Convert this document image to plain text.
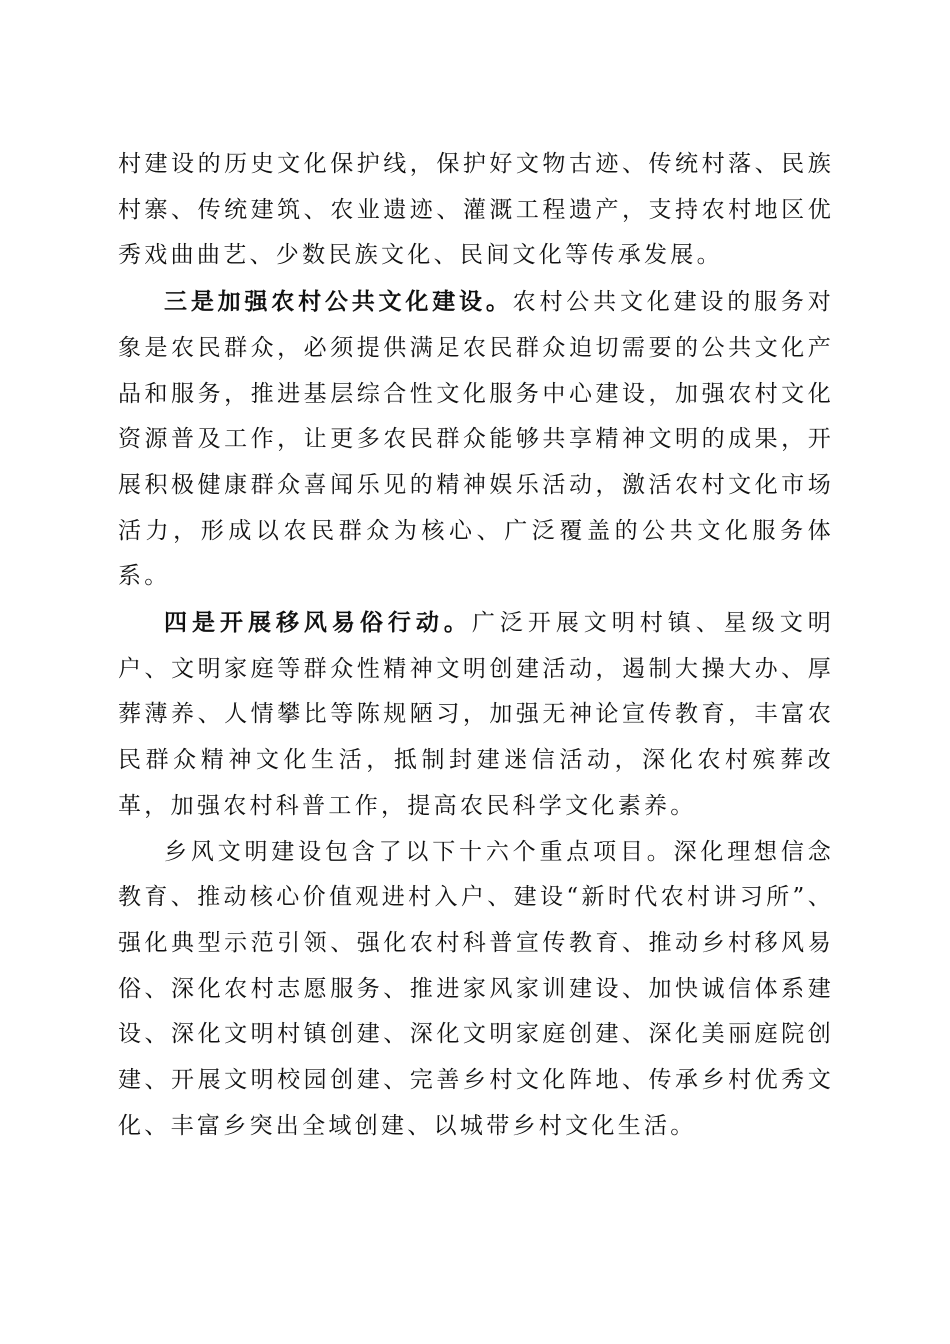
村建设的历史文化保护线，保护好文物古迹、传统村落、民族村寨、传统建筑、农业遗迹、灌溉工程遗产，支持农村地区优秀戏曲曲艺、少数民族文化、民间文化等传承发展。

三是加强农村公共文化建设。农村公共文化建设的服务对象是农民群众，必须提供满足农民群众迫切需要的公共文化产品和服务，推进基层综合性文化服务中心建设，加强农村文化资源普及工作，让更多农民群众能够共享精神文明的成果，开展积极健康群众喜闻乐见的精神娱乐活动，激活农村文化市场活力，形成以农民群众为核心、广泛覆盖的公共文化服务体系。

四是开展移风易俗行动。广泛开展文明村镇、星级文明户、文明家庭等群众性精神文明创建活动，遏制大操大办、厚葬薄养、人情攀比等陈规陋习，加强无神论宣传教育，丰富农民群众精神文化生活，抵制封建迷信活动，深化农村殡葬改革，加强农村科普工作，提高农民科学文化素养。

乡风文明建设包含了以下十六个重点项目。深化理想信念教育、推动核心价值观进村入户、建设“新时代农村讲习所”、强化典型示范引领、强化农村科普宣传教育、推动乡村移风易俗、深化农村志愿服务、推进家风家训建设、加快诚信体系建设、深化文明村镇创建、深化文明家庭创建、深化美丽庭院创建、开展文明校园创建、完善乡村文化阵地、传承乡村优秀文化、丰富乡突出全域创建、以城带乡村文化生活。
